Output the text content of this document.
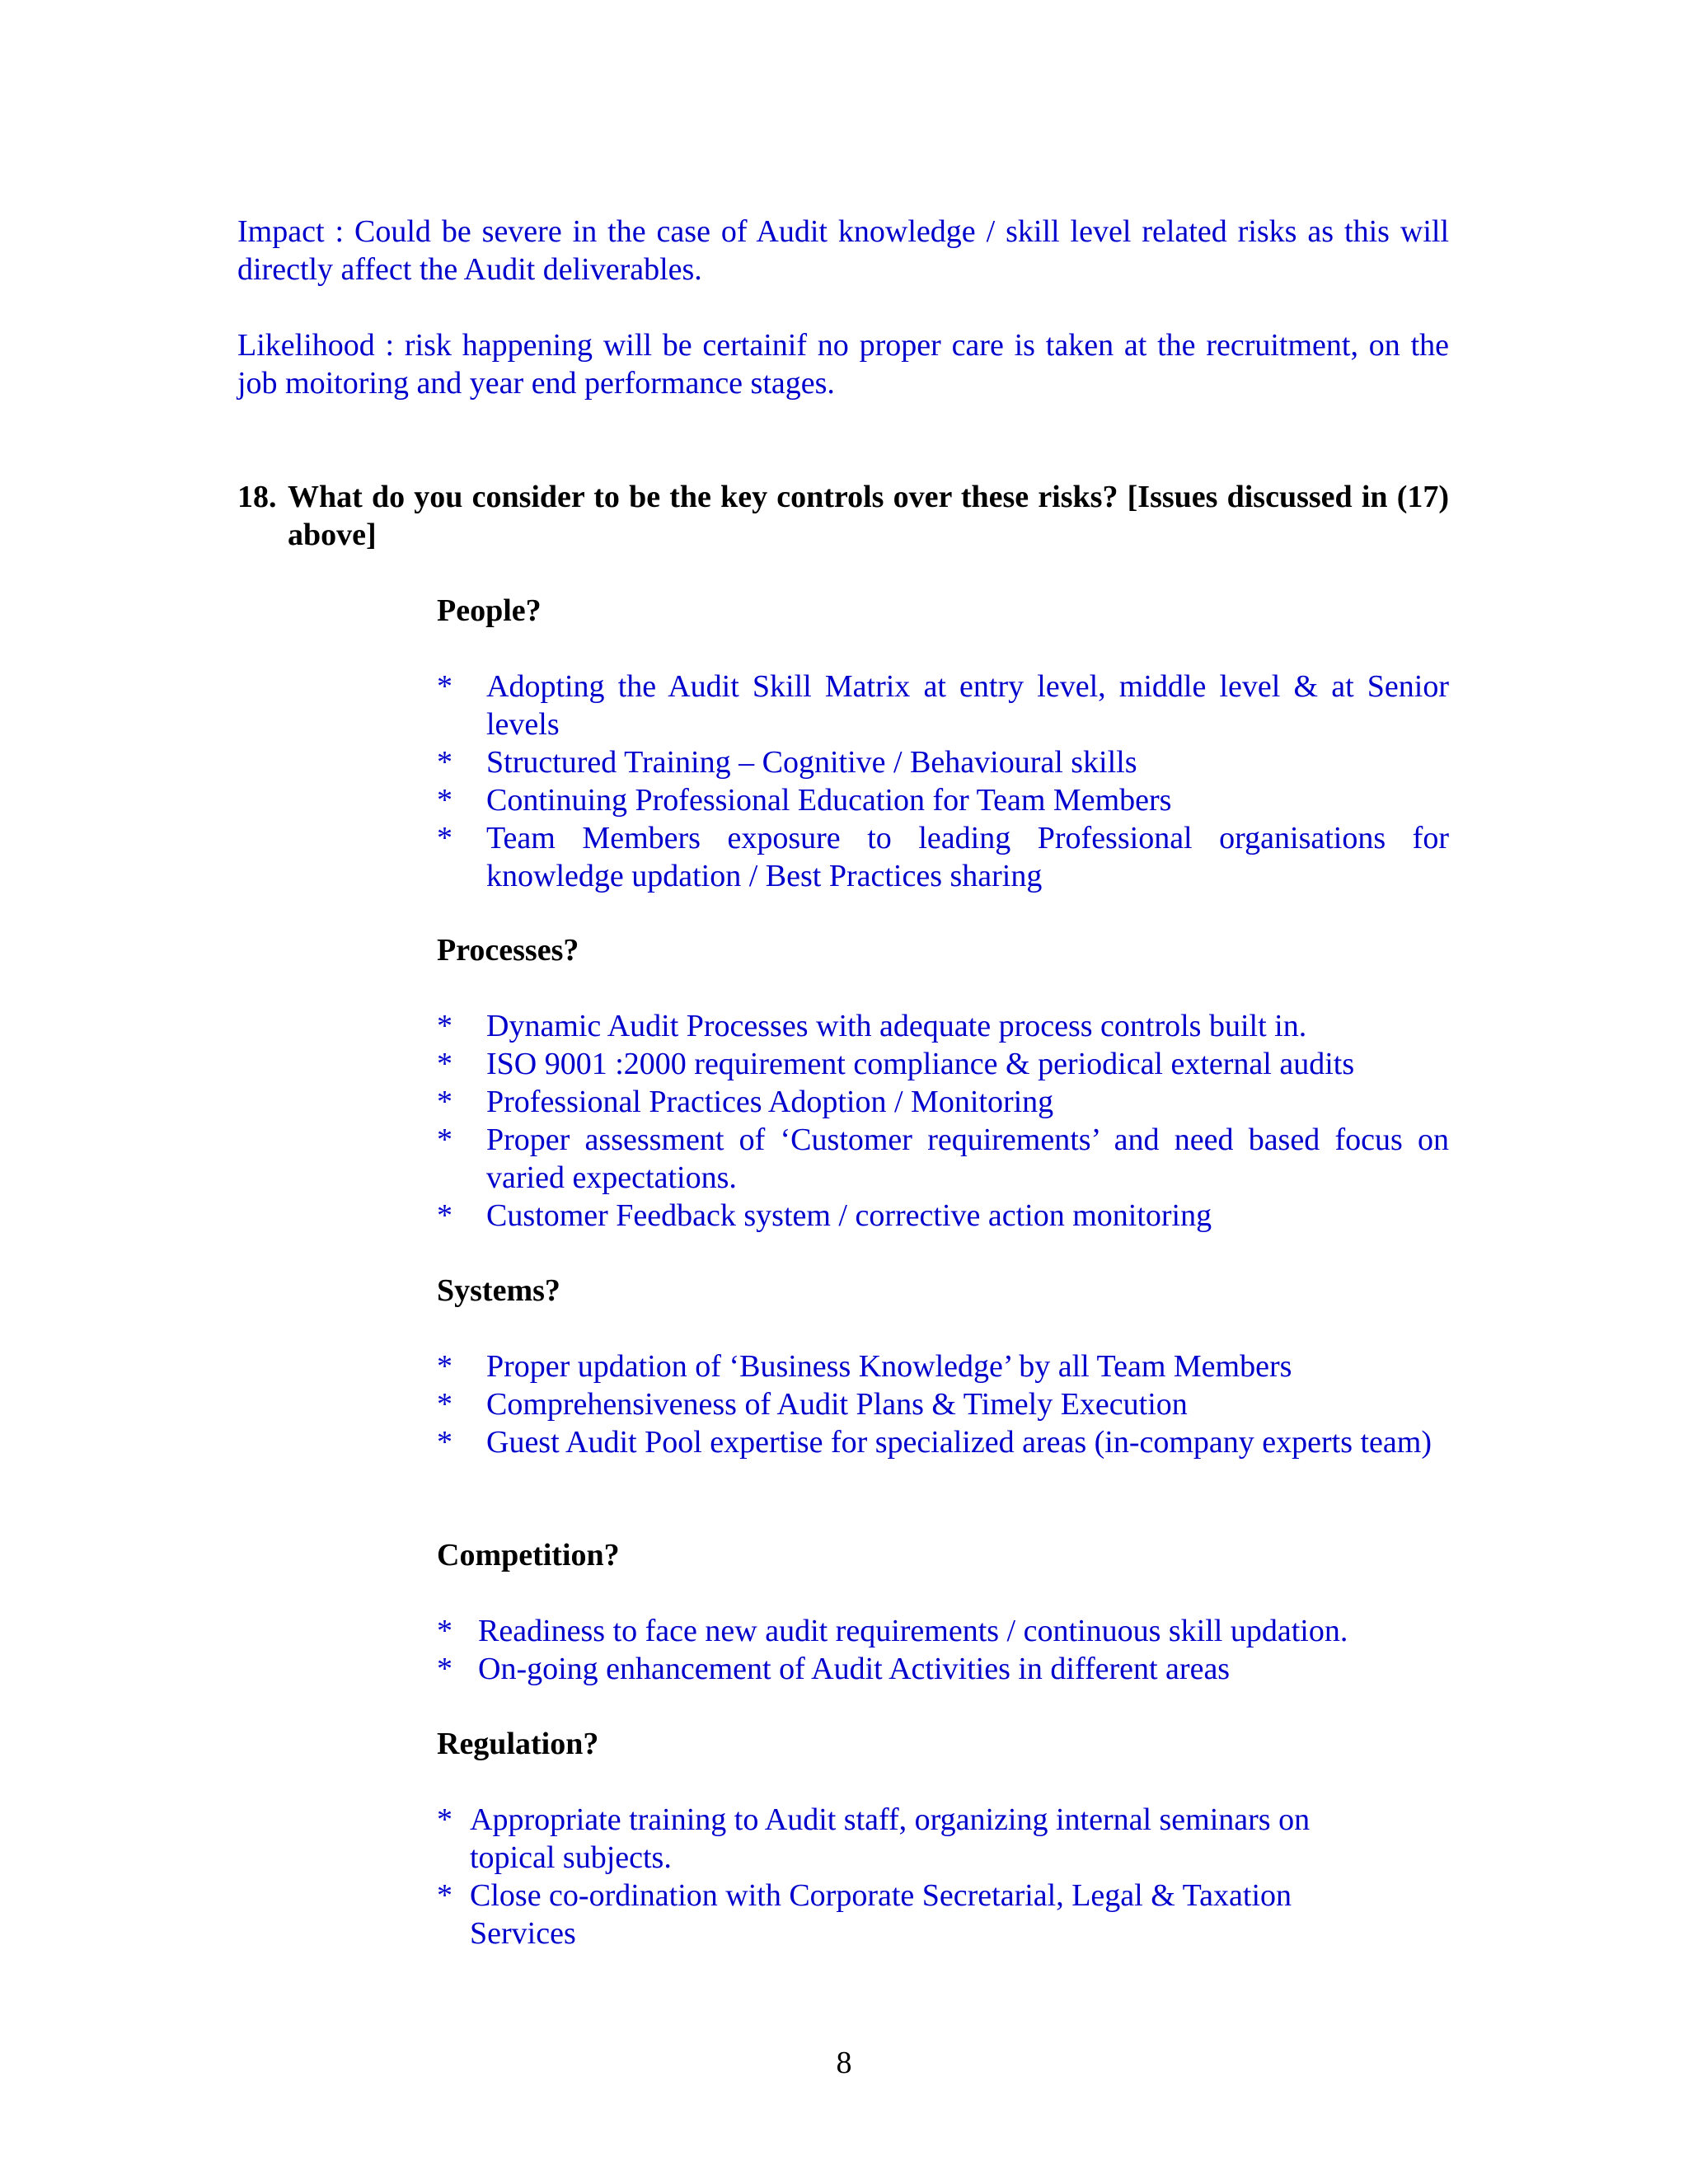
Impact : Could be severe in the case of Audit knowledge / skill level related risks as this will directly affect the Audit deliverables.

Likelihood : risk happening will be certainif no proper care is taken at the recruitment, on the job moitoring and year end performance stages.

18. What do you consider to be the key controls over these risks? [Issues discussed in (17) above]

People?

* Adopting the Audit Skill Matrix at entry level, middle level & at Senior levels
* Structured Training – Cognitive / Behavioural skills
* Continuing Professional Education for Team Members
* Team Members exposure to leading Professional organisations for knowledge updation / Best Practices sharing

Processes?

* Dynamic Audit Processes with adequate process controls built in.
* ISO 9001 :2000 requirement compliance & periodical external audits
* Professional Practices Adoption / Monitoring
* Proper assessment of ‘Customer requirements’ and need based focus on varied expectations.
* Customer Feedback system / corrective action monitoring

Systems?

* Proper updation of ‘Business Knowledge’ by all Team Members
* Comprehensiveness of Audit Plans & Timely Execution
* Guest Audit Pool expertise for specialized areas (in-company experts team)

Competition?

* Readiness to face new audit requirements / continuous skill updation.
* On-going enhancement of Audit Activities in different areas

Regulation?

* Appropriate training to Audit staff, organizing internal seminars on topical subjects.
* Close co-ordination with Corporate Secretarial, Legal & Taxation Services
8
